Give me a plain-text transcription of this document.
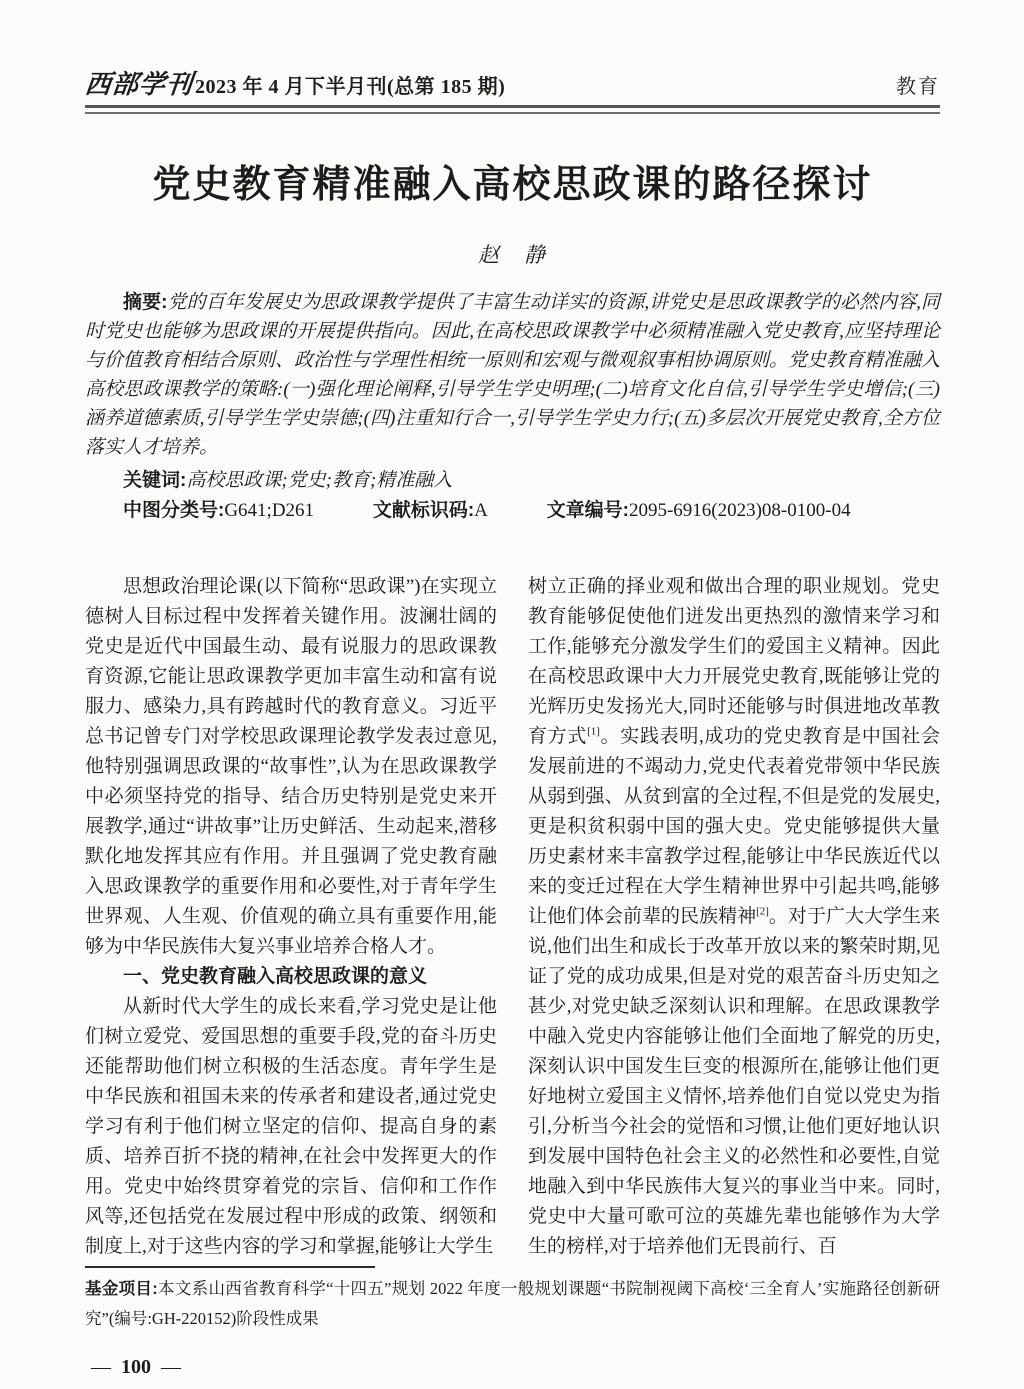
西部学刊 2023 年 4 月下半月刊(总第 185 期)	教育
党史教育精准融入高校思政课的路径探讨
赵　静
摘要:党的百年发展史为思政课教学提供了丰富生动详实的资源,讲党史是思政课教学的必然内容,同时党史也能够为思政课的开展提供指向。因此,在高校思政课教学中必须精准融入党史教育,应坚持理论与价值教育相结合原则、政治性与学理性相统一原则和宏观与微观叙事相协调原则。党史教育精准融入高校思政课教学的策略:(一)强化理论阐释,引导学生学史明理;(二)培育文化自信,引导学生学史增信;(三)涵养道德素质,引导学生学史崇德;(四)注重知行合一,引导学生学史力行;(五)多层次开展党史教育,全方位落实人才培养。
关键词:高校思政课;党史;教育;精准融入
中图分类号:G641;D261	文献标识码:A	文章编号:2095-6916(2023)08-0100-04
思想政治理论课(以下简称“思政课”)在实现立德树人目标过程中发挥着关键作用。波澜壮阔的党史是近代中国最生动、最有说服力的思政课教育资源,它能让思政课教学更加丰富生动和富有说服力、感染力,具有跨越时代的教育意义。习近平总书记曾专门对学校思政课理论教学发表过意见,他特别强调思政课的“故事性”,认为在思政课教学中必须坚持党的指导、结合历史特别是党史来开展教学,通过“讲故事”让历史鲜活、生动起来,潜移默化地发挥其应有作用。并且强调了党史教育融入思政课教学的重要作用和必要性,对于青年学生世界观、人生观、价值观的确立具有重要作用,能够为中华民族伟大复兴事业培养合格人才。
一、党史教育融入高校思政课的意义
从新时代大学生的成长来看,学习党史是让他们树立爱党、爱国思想的重要手段,党的奋斗历史还能帮助他们树立积极的生活态度。青年学生是中华民族和祖国未来的传承者和建设者,通过党史学习有利于他们树立坚定的信仰、提高自身的素质、培养百折不挠的精神,在社会中发挥更大的作用。党史中始终贯穿着党的宗旨、信仰和工作作风等,还包括党在发展过程中形成的政策、纲领和制度上,对于这些内容的学习和掌握,能够让大学生
树立正确的择业观和做出合理的职业规划。党史教育能够促使他们迸发出更热烈的激情来学习和工作,能够充分激发学生们的爱国主义精神。因此在高校思政课中大力开展党史教育,既能够让党的光辉历史发扬光大,同时还能够与时俱进地改革教育方式[1]。实践表明,成功的党史教育是中国社会发展前进的不竭动力,党史代表着党带领中华民族从弱到强、从贫到富的全过程,不但是党的发展史,更是积贫积弱中国的强大史。党史能够提供大量历史素材来丰富教学过程,能够让中华民族近代以来的变迁过程在大学生精神世界中引起共鸣,能够让他们体会前辈的民族精神[2]。对于广大大学生来说,他们出生和成长于改革开放以来的繁荣时期,见证了党的成功成果,但是对党的艰苦奋斗历史知之甚少,对党史缺乏深刻认识和理解。在思政课教学中融入党史内容能够让他们全面地了解党的历史,深刻认识中国发生巨变的根源所在,能够让他们更好地树立爱国主义情怀,培养他们自觉以党史为指引,分析当今社会的觉悟和习惯,让他们更好地认识到发展中国特色社会主义的必然性和必要性,自觉地融入到中华民族伟大复兴的事业当中来。同时,党史中大量可歌可泣的英雄先辈也能够作为大学生的榜样,对于培养他们无畏前行、百
基金项目:本文系山西省教育科学“十四五”规划 2022 年度一般规划课题“书院制视阈下高校‘三全育人’实施路径创新研究”(编号:GH-220152)阶段性成果
— 100 —
